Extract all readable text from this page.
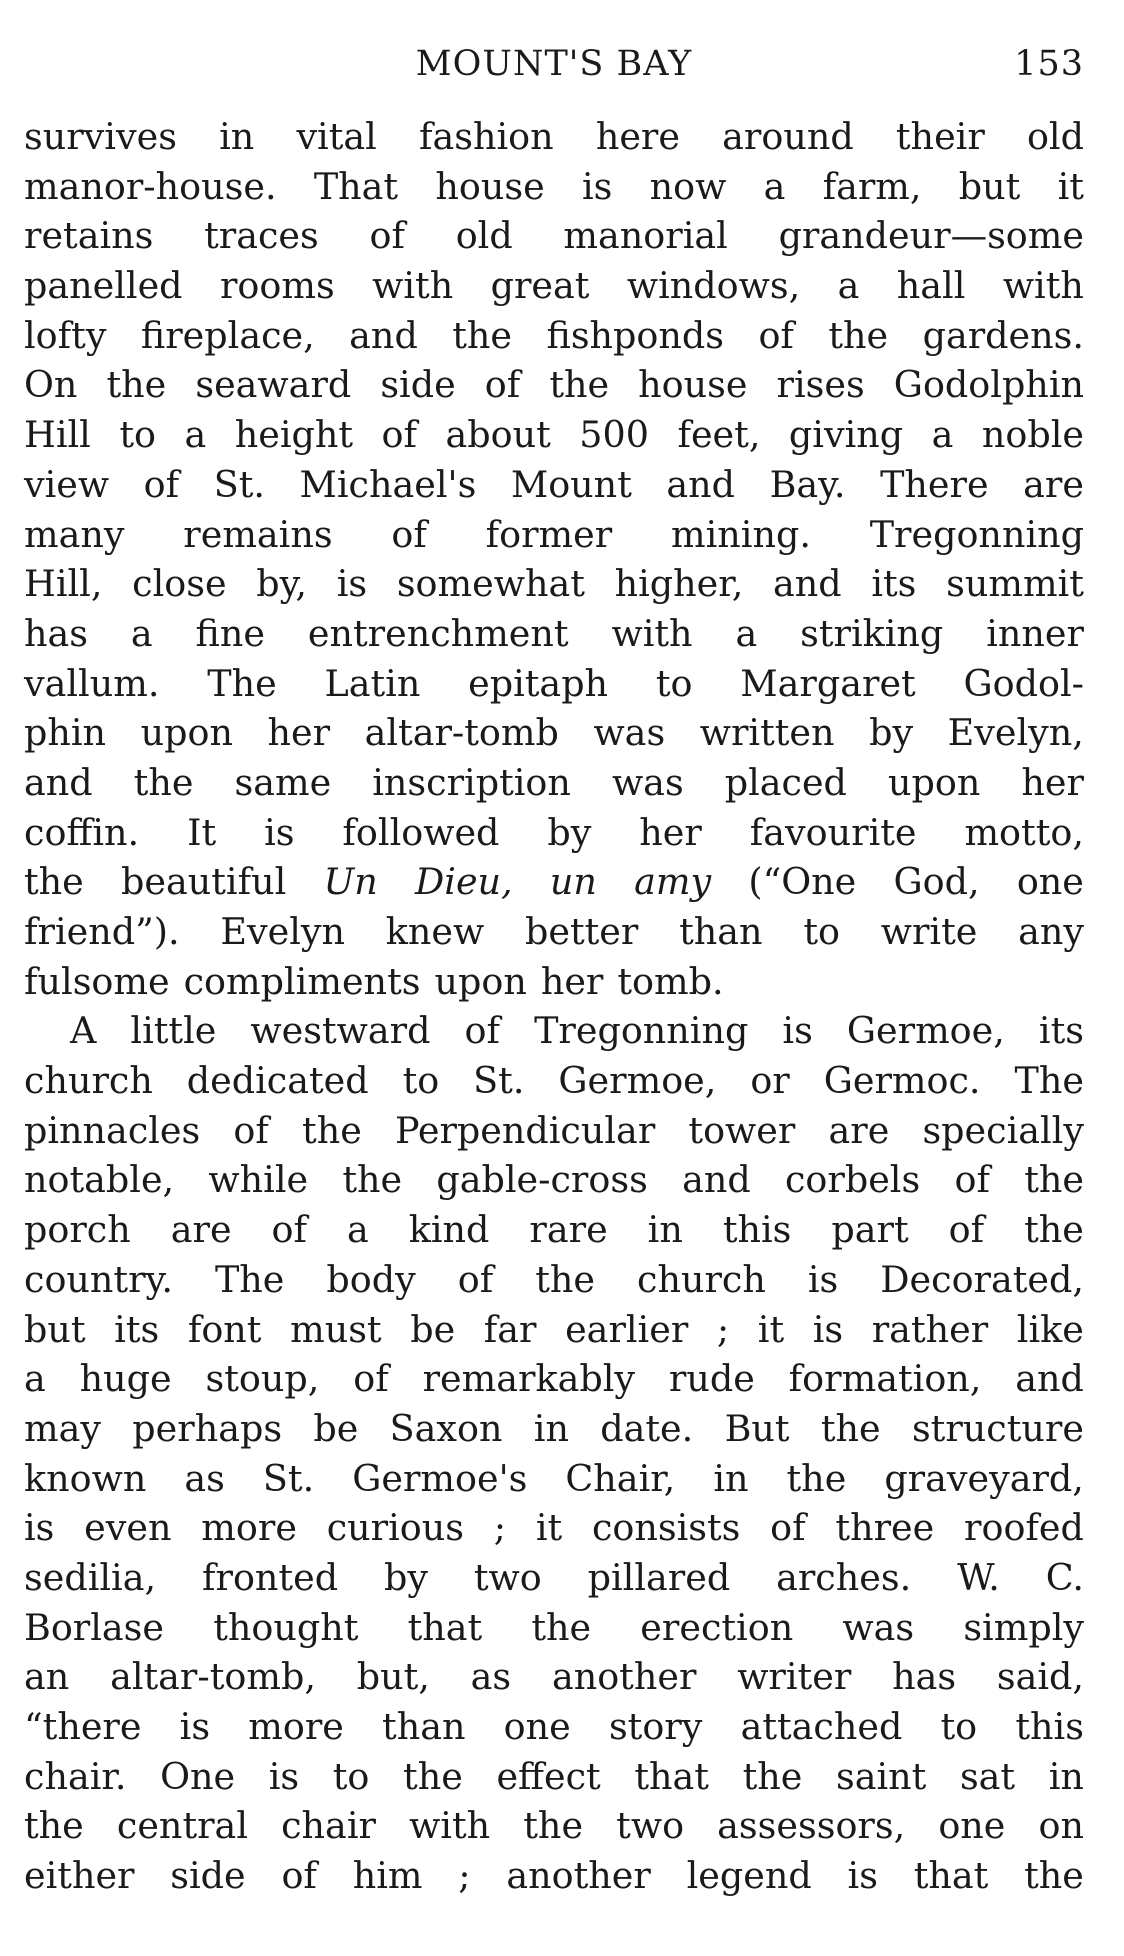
MOUNT'S BAY	153
survives in vital fashion here around their old
manor-house. That house is now a farm, but it
retains traces of old manorial grandeur—some
panelled rooms with great windows, a hall with
lofty fireplace, and the fishponds of the gardens.
On the seaward side of the house rises Godolphin
Hill to a height of about 500 feet, giving a noble
view of St. Michael's Mount and Bay. There are
many remains of former mining. Tregonning
Hill, close by, is somewhat higher, and its summit
has a fine entrenchment with a striking inner
vallum. The Latin epitaph to Margaret Godol-
phin upon her altar-tomb was written by Evelyn,
and the same inscription was placed upon her
coffin. It is followed by her favourite motto,
the beautiful Un Dieu, un amy (“One God, one
friend”). Evelyn knew better than to write any
fulsome compliments upon her tomb.
A little westward of Tregonning is Germoe, its
church dedicated to St. Germoe, or Germoc. The
pinnacles of the Perpendicular tower are specially
notable, while the gable-cross and corbels of the
porch are of a kind rare in this part of the
country. The body of the church is Decorated,
but its font must be far earlier ; it is rather like
a huge stoup, of remarkably rude formation, and
may perhaps be Saxon in date. But the structure
known as St. Germoe's Chair, in the graveyard,
is even more curious ; it consists of three roofed
sedilia, fronted by two pillared arches. W. C.
Borlase thought that the erection was simply
an altar-tomb, but, as another writer has said,
“there is more than one story attached to this
chair. One is to the effect that the saint sat in
the central chair with the two assessors, one on
either side of him ; another legend is that the
